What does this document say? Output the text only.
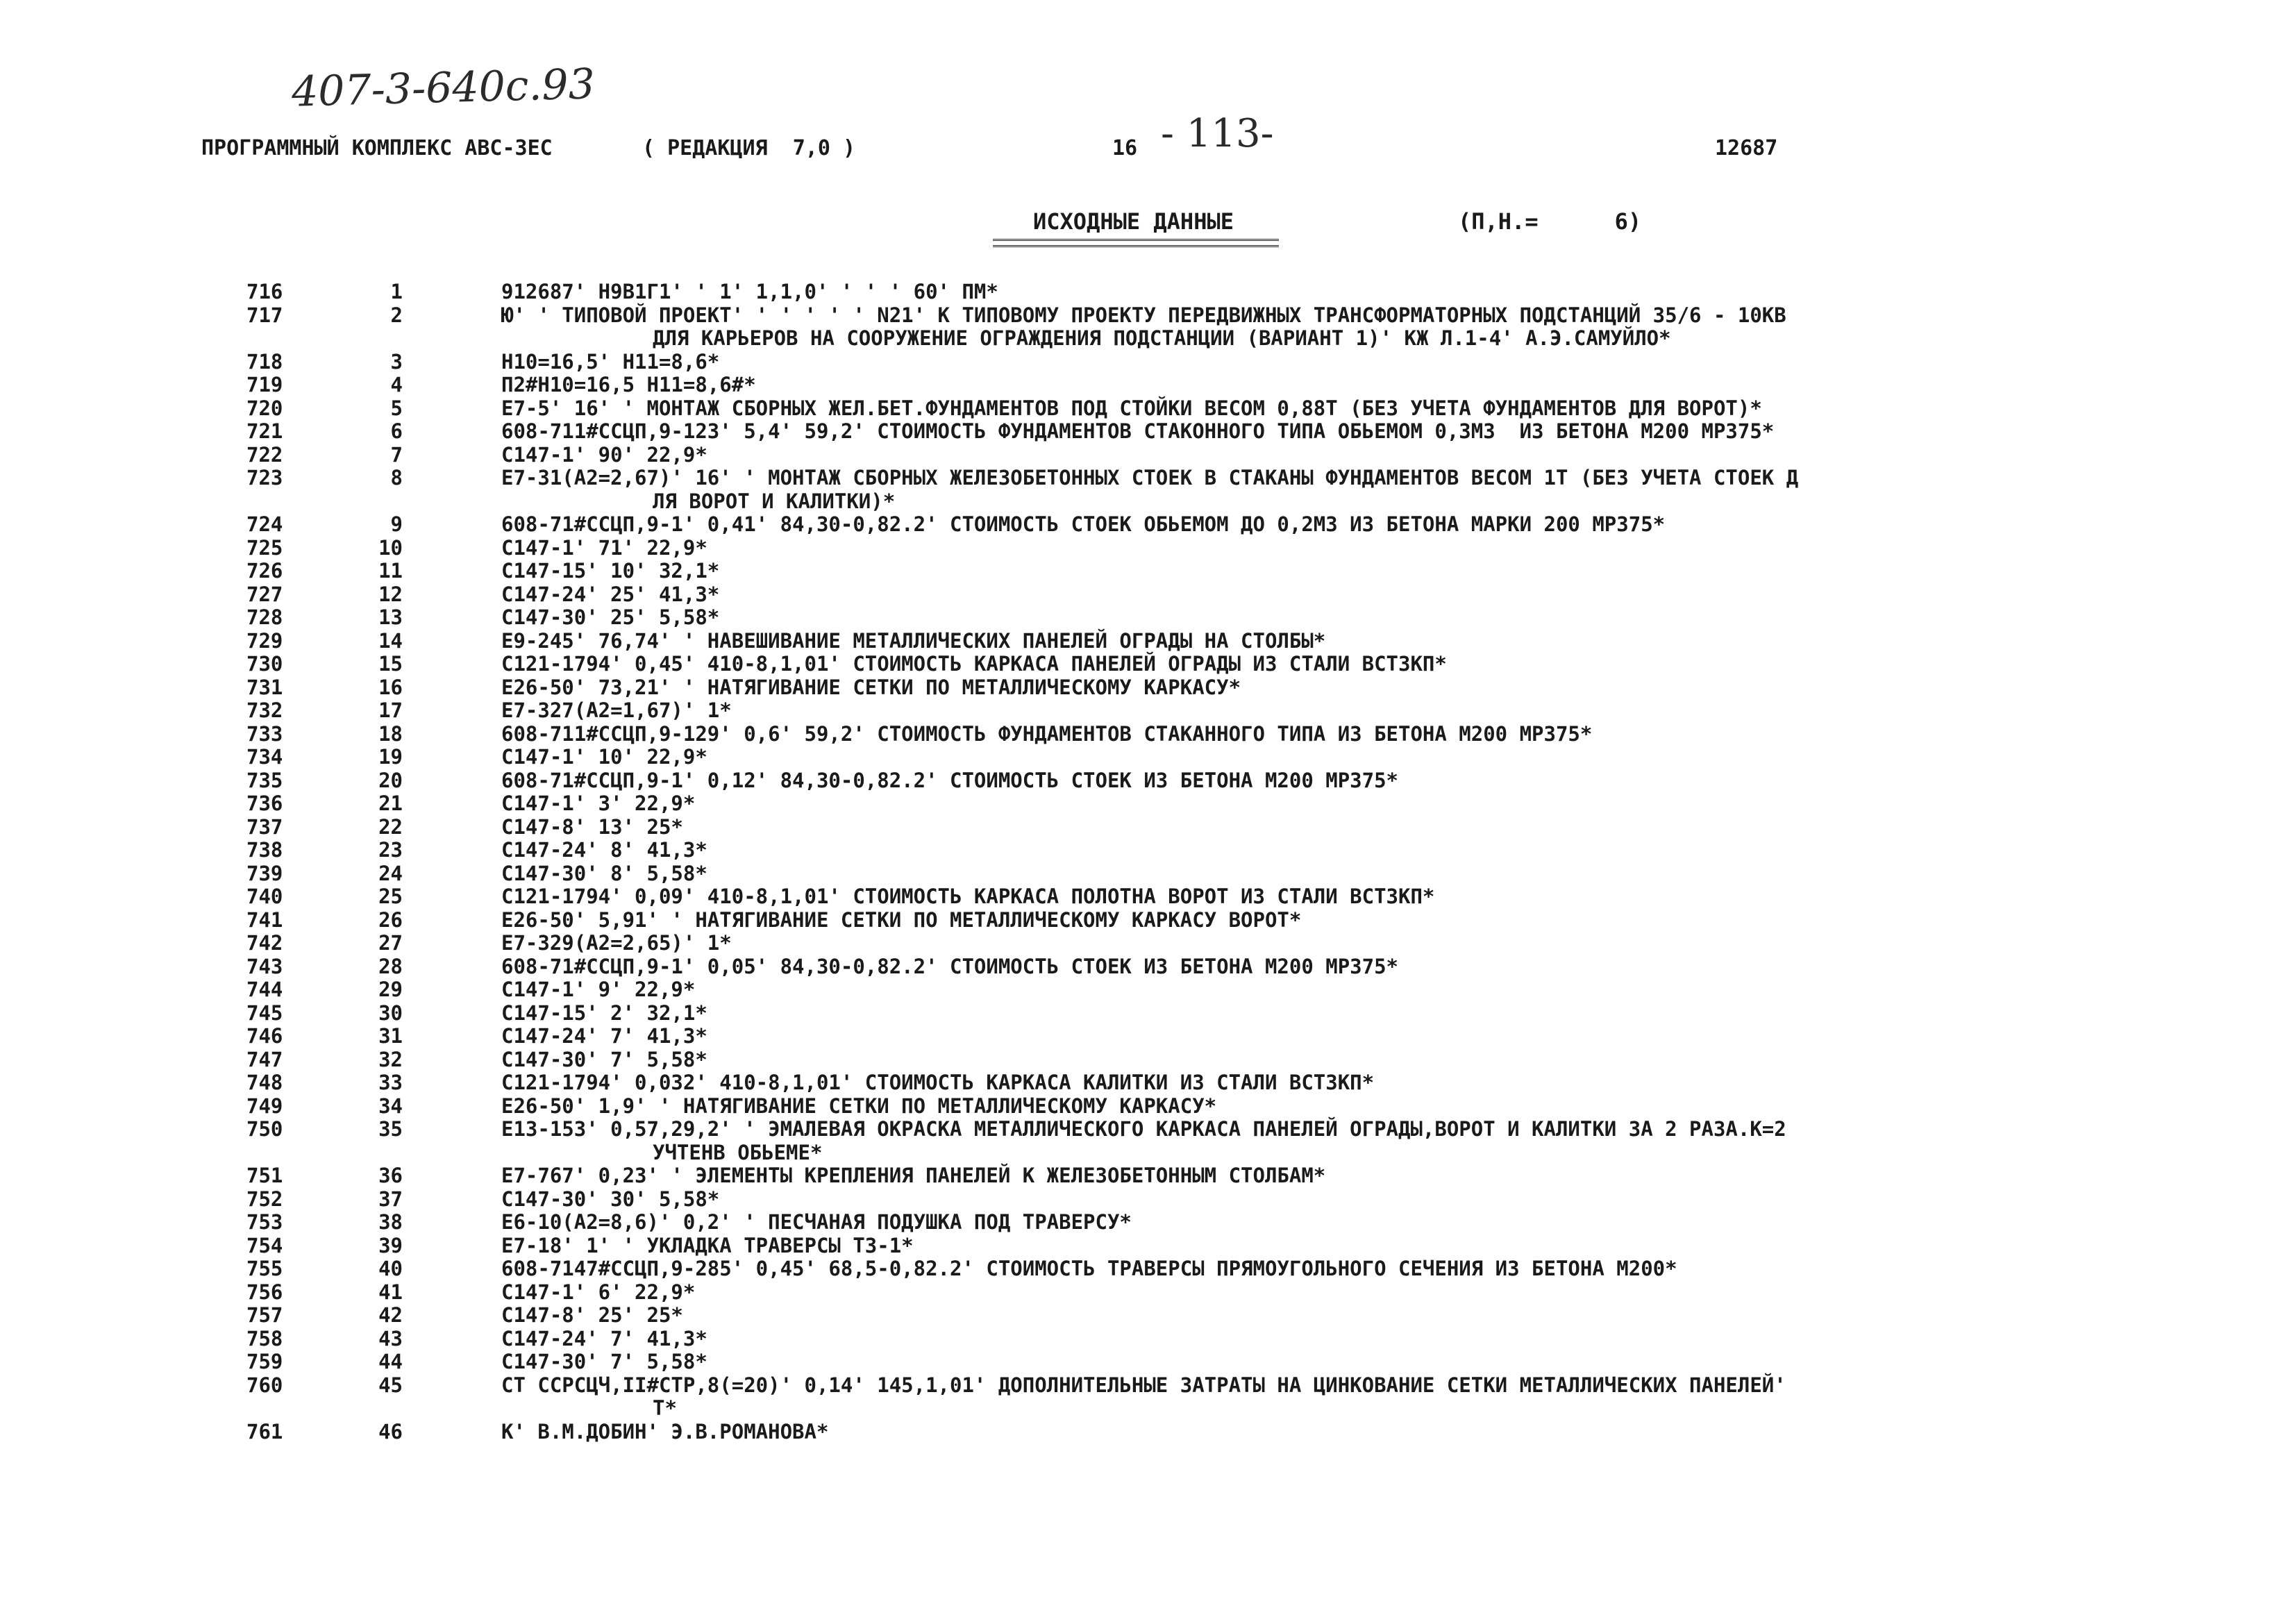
407-3-640c.93
ПРОГРАММНЫЙ КОМПЛЕКС АВС-3ЕС	( РЕДАКЦИЯ  7,0 )	16 - 113-	12687
ИСХОДНЫЕ ДАННЫЕ	(П,Н.=	6)
716	1	912687' Н9В1Г1' ' 1' 1,1,0' ' ' ' 60' ПМ*
717	2	Ю' ' ТИПОВОЙ ПРОЕКТ' ' ' ' ' ' N21' К ТИПОВОМУ ПРОЕКТУ ПЕРЕДВИЖНЫХ ТРАНСФОРМАТОРНЫХ ПОДСТАНЦИЙ 35/6 - 10КВ
ДЛЯ КАРЬЕРОВ НА СООРУЖЕНИЕ ОГРАЖДЕНИЯ ПОДСТАНЦИИ (ВАРИАНТ 1)' КЖ Л.1-4' А.Э.САМУЙЛО*
718	3	Н10=16,5' Н11=8,6*
719	4	П2#Н10=16,5 Н11=8,6#*
720	5	Е7-5' 16' ' МОНТАЖ СБОРНЫХ ЖЕЛ.БЕТ.ФУНДАМЕНТОВ ПОД СТОЙКИ ВЕСОМ 0,88Т (БЕЗ УЧЕТА ФУНДАМЕНТОВ ДЛЯ ВОРОТ)*
721	6	608-711#ССЦП,9-123' 5,4' 59,2' СТОИМОСТЬ ФУНДАМЕНТОВ СТАКОННОГО ТИПА ОБЬЕМОМ 0,3М3  ИЗ БЕТОНА М200 МР375*
722	7	С147-1' 90' 22,9*
723	8	Е7-31(А2=2,67)' 16' ' МОНТАЖ СБОРНЫХ ЖЕЛЕЗОБЕТОННЫХ СТОЕК В СТАКАНЫ ФУНДАМЕНТОВ ВЕСОМ 1Т (БЕЗ УЧЕТА СТОЕК Д
ЛЯ ВОРОТ И КАЛИТКИ)*
724	9	608-71#ССЦП,9-1' 0,41' 84,30-0,82.2' СТОИМОСТЬ СТОЕК ОБЬЕМОМ ДО 0,2М3 ИЗ БЕТОНА МАРКИ 200 МР375*
725	10	С147-1' 71' 22,9*
726	11	С147-15' 10' 32,1*
727	12	С147-24' 25' 41,3*
728	13	С147-30' 25' 5,58*
729	14	Е9-245' 76,74' ' НАВЕШИВАНИЕ МЕТАЛЛИЧЕСКИХ ПАНЕЛЕЙ ОГРАДЫ НА СТОЛБЫ*
730	15	С121-1794' 0,45' 410-8,1,01' СТОИМОСТЬ КАРКАСА ПАНЕЛЕЙ ОГРАДЫ ИЗ СТАЛИ ВСТ3КП*
731	16	Е26-50' 73,21' ' НАТЯГИВАНИЕ СЕТКИ ПО МЕТАЛЛИЧЕСКОМУ КАРКАСУ*
732	17	Е7-327(А2=1,67)' 1*
733	18	608-711#ССЦП,9-129' 0,6' 59,2' СТОИМОСТЬ ФУНДАМЕНТОВ СТАКАННОГО ТИПА ИЗ БЕТОНА М200 МР375*
734	19	С147-1' 10' 22,9*
735	20	608-71#ССЦП,9-1' 0,12' 84,30-0,82.2' СТОИМОСТЬ СТОЕК ИЗ БЕТОНА М200 МР375*
736	21	С147-1' 3' 22,9*
737	22	С147-8' 13' 25*
738	23	С147-24' 8' 41,3*
739	24	С147-30' 8' 5,58*
740	25	С121-1794' 0,09' 410-8,1,01' СТОИМОСТЬ КАРКАСА ПОЛОТНА ВОРОТ ИЗ СТАЛИ ВСТ3КП*
741	26	Е26-50' 5,91' ' НАТЯГИВАНИЕ СЕТКИ ПО МЕТАЛЛИЧЕСКОМУ КАРКАСУ ВОРОТ*
742	27	Е7-329(А2=2,65)' 1*
743	28	608-71#ССЦП,9-1' 0,05' 84,30-0,82.2' СТОИМОСТЬ СТОЕК ИЗ БЕТОНА М200 МР375*
744	29	С147-1' 9' 22,9*
745	30	С147-15' 2' 32,1*
746	31	С147-24' 7' 41,3*
747	32	С147-30' 7' 5,58*
748	33	С121-1794' 0,032' 410-8,1,01' СТОИМОСТЬ КАРКАСА КАЛИТКИ ИЗ СТАЛИ ВСТ3КП*
749	34	Е26-50' 1,9' ' НАТЯГИВАНИЕ СЕТКИ ПО МЕТАЛЛИЧЕСКОМУ КАРКАСУ*
750	35	Е13-153' 0,57,29,2' ' ЭМАЛЕВАЯ ОКРАСКА МЕТАЛЛИЧЕСКОГО КАРКАСА ПАНЕЛЕЙ ОГРАДЫ,ВОРОТ И КАЛИТКИ ЗА 2 РАЗА.К=2
УЧТЕНВ ОБЬЕМЕ*
751	36	Е7-767' 0,23' ' ЭЛЕМЕНТЫ КРЕПЛЕНИЯ ПАНЕЛЕЙ К ЖЕЛЕЗОБЕТОННЫМ СТОЛБАМ*
752	37	С147-30' 30' 5,58*
753	38	Е6-10(А2=8,6)' 0,2' ' ПЕСЧАНАЯ ПОДУШКА ПОД ТРАВЕРСУ*
754	39	Е7-18' 1' ' УКЛАДКА ТРАВЕРСЫ Т3-1*
755	40	608-7147#ССЦП,9-285' 0,45' 68,5-0,82.2' СТОИМОСТЬ ТРАВЕРСЫ ПРЯМОУГОЛЬНОГО СЕЧЕНИЯ ИЗ БЕТОНА М200*
756	41	С147-1' 6' 22,9*
757	42	С147-8' 25' 25*
758	43	С147-24' 7' 41,3*
759	44	С147-30' 7' 5,58*
760	45	СТ ССРСЦЧ,II#СТР,8(=20)' 0,14' 145,1,01' ДОПОЛНИТЕЛЬНЫЕ ЗАТРАТЫ НА ЦИНКОВАНИЕ СЕТКИ МЕТАЛЛИЧЕСКИХ ПАНЕЛЕЙ'
Т*
761	46	К' В.М.ДОБИН' Э.В.РОМАНОВА*
